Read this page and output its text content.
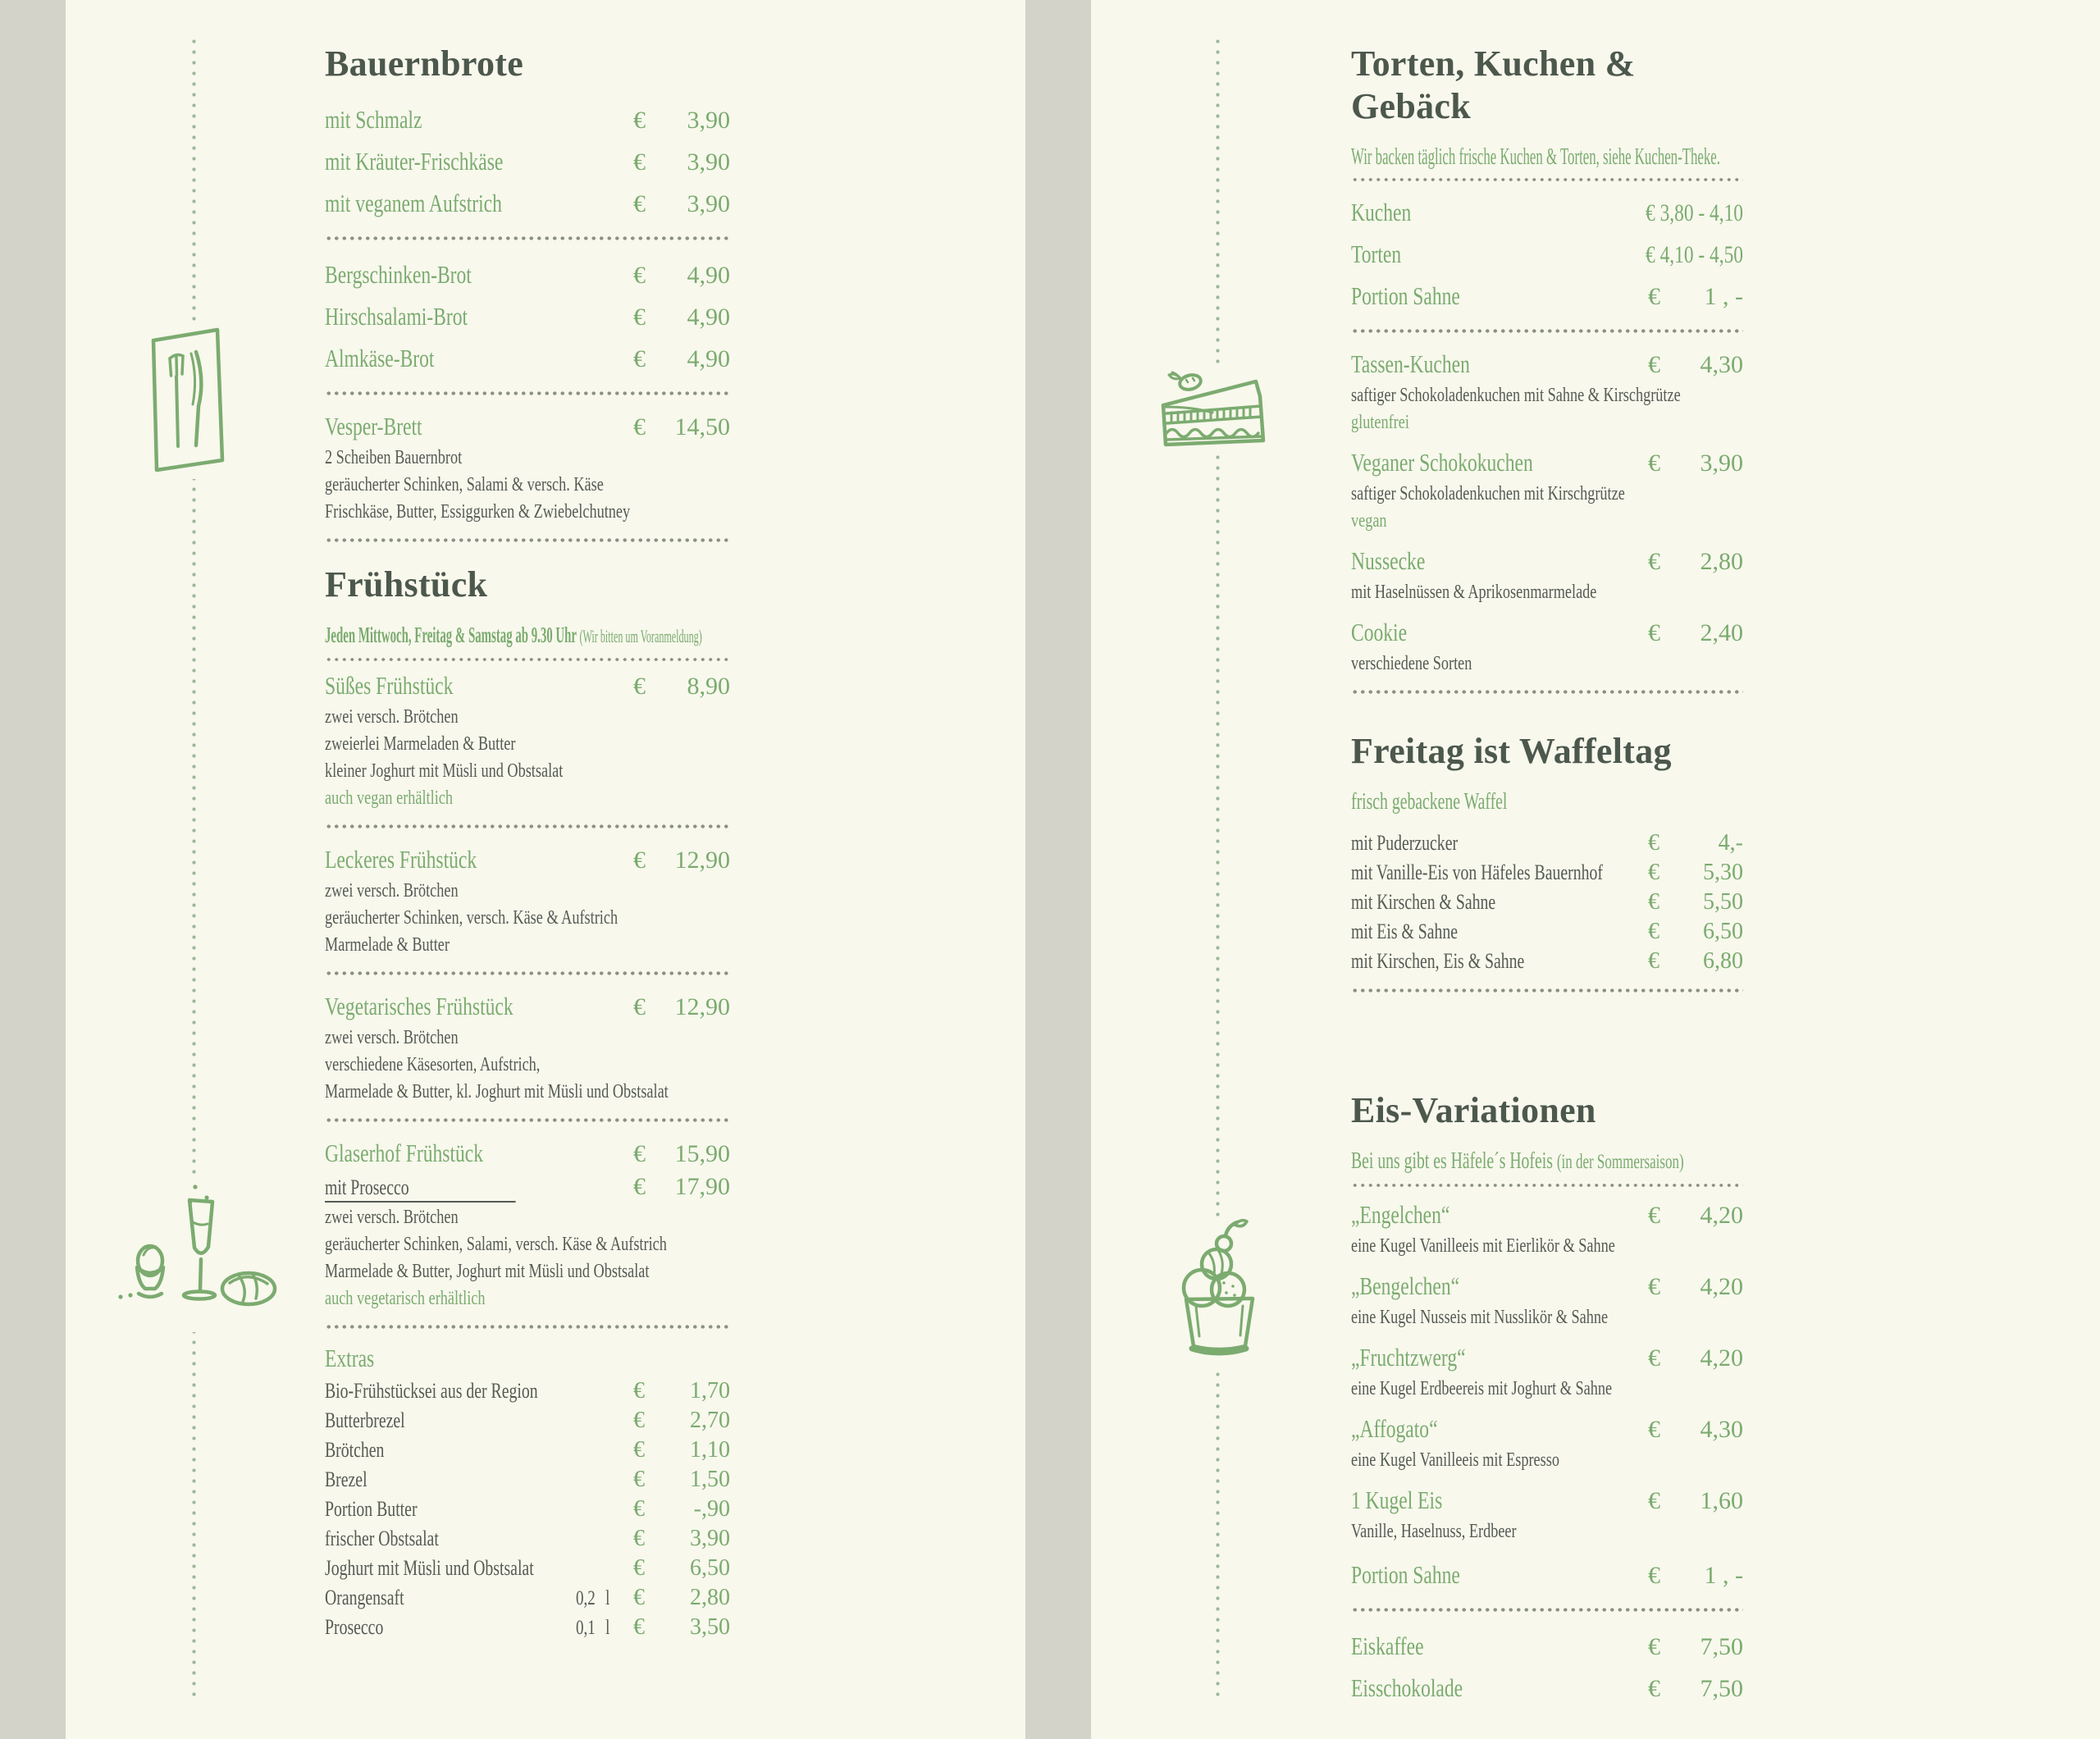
Bauernbrote
mit Schmalz	€	3,90
mit Kräuter-Frischkäse	€	3,90
mit veganem Aufstrich	€	3,90
Bergschinken-Brot	€	4,90
Hirschsalami-Brot	€	4,90
Almkäse-Brot	€	4,90
Vesper-Brett	€	14,50
2 Scheiben Bauernbrot
geräucherter Schinken, Salami & versch. Käse
Frischkäse, Butter, Essiggurken & Zwiebelchutney
Frühstück
Jeden Mittwoch, Freitag & Samstag ab 9.30 Uhr (Wir bitten um Voranmeldung)
Süßes Frühstück	€	8,90
zwei versch. Brötchen
zweierlei Marmeladen & Butter
kleiner Joghurt mit Müsli und Obstsalat
auch vegan erhältlich
Leckeres Frühstück	€	12,90
zwei versch. Brötchen
geräucherter Schinken, versch. Käse & Aufstrich
Marmelade & Butter
Vegetarisches Frühstück	€	12,90
zwei versch. Brötchen
verschiedene Käsesorten, Aufstrich,
Marmelade & Butter, kl. Joghurt mit Müsli und Obstsalat
Glaserhof Frühstück	€	15,90
mit Prosecco	€	17,90
zwei versch. Brötchen
geräucherter Schinken, Salami, versch. Käse & Aufstrich
Marmelade & Butter, Joghurt mit Müsli und Obstsalat
auch vegetarisch erhältlich
Extras
Bio-Frühstücksei aus der Region	€	1,70
Butterbrezel	€	2,70
Brötchen	€	1,10
Brezel	€	1,50
Portion Butter	€	-,90
frischer Obstsalat	€	3,90
Joghurt mit Müsli und Obstsalat	€	6,50
Orangensaft	0,2 l	€	2,80
Prosecco	0,1 l	€	3,50
Torten, Kuchen & Gebäck
Wir backen täglich frische Kuchen & Torten, siehe Kuchen-Theke.
Kuchen	€ 3,80 - 4,10
Torten	€ 4,10 - 4,50
Portion Sahne	€	1 , -
Tassen-Kuchen	€	4,30
saftiger Schokoladenkuchen mit Sahne & Kirschgrütze
glutenfrei
Veganer Schokokuchen	€	3,90
saftiger Schokoladenkuchen mit Kirschgrütze
vegan
Nussecke	€	2,80
mit Haselnüssen & Aprikosenmarmelade
Cookie	€	2,40
verschiedene Sorten
Freitag ist Waffeltag
frisch gebackene Waffel
mit Puderzucker	€	4,-
mit Vanille-Eis von Häfeles Bauernhof €	5,30
mit Kirschen & Sahne	€	5,50
mit Eis & Sahne	€	6,50
mit Kirschen, Eis & Sahne	€	6,80
Eis-Variationen
Bei uns gibt es Häfele´s Hofeis (in der Sommersaison)
„Engelchen“	€	4,20
eine Kugel Vanilleeis mit Eierlikör & Sahne
„Bengelchen“	€	4,20
eine Kugel Nusseis mit Nusslikör & Sahne
„Fruchtzwerg“	€	4,20
eine Kugel Erdbeereis mit Joghurt & Sahne
„Affogato“	€	4,30
eine Kugel Vanilleeis mit Espresso
1 Kugel Eis	€	1,60
Vanille, Haselnuss, Erdbeer
Portion Sahne	€	1 , -
Eiskaffee	€	7,50
Eisschokolade	€	7,50
